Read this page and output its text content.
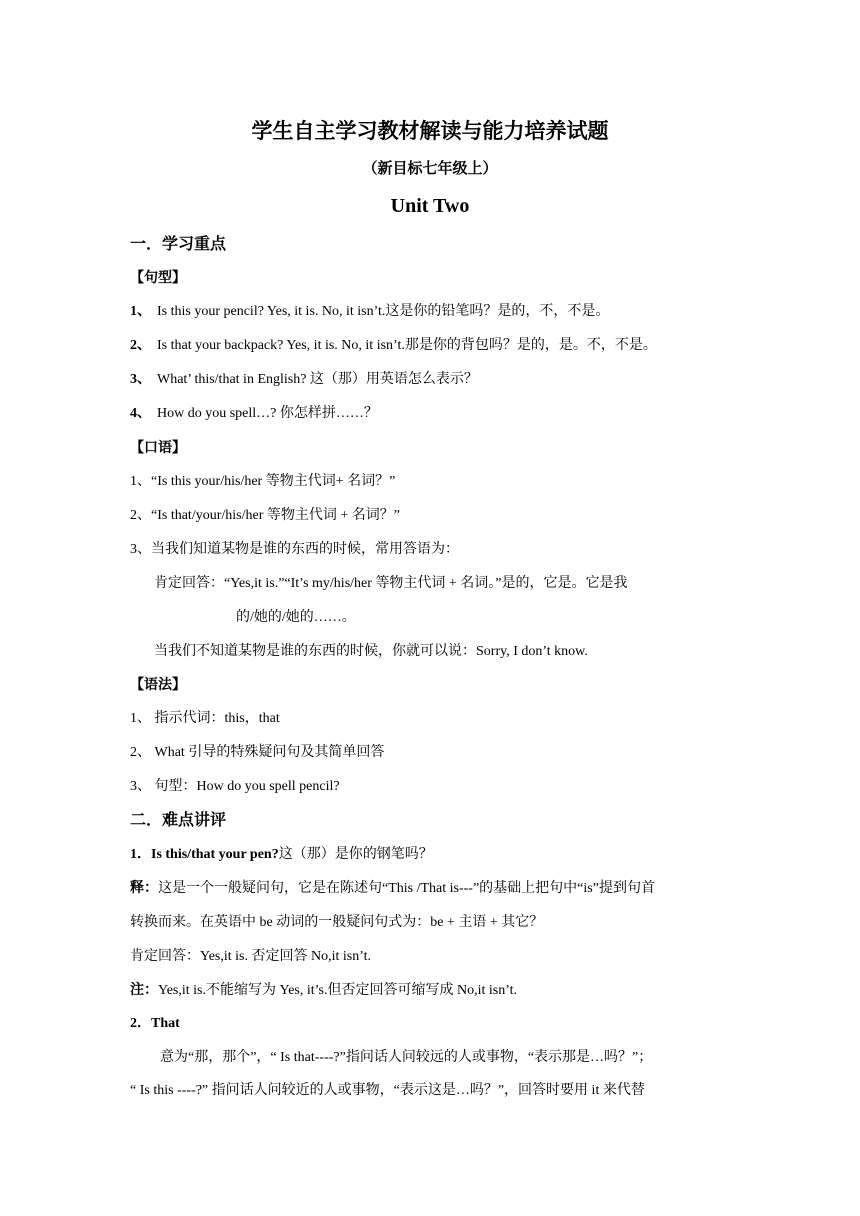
学生自主学习教材解读与能力培养试题
（新目标七年级上）
Unit Two
一．学习重点
【句型】
1、 Is this your pencil? Yes, it is. No, it isn’t.这是你的铅笔吗？是的，不，不是。
2、 Is that your backpack? Yes, it is. No, it isn’t.那是你的背包吗？是的，是。不，不是。
3、 What’ this/that in English? 这（那）用英语怎么表示？
4、 How do you spell…? 你怎样拼……？
【口语】
1、“Is this your/his/her 等物主代词+ 名词？”
2、“Is that/your/his/her 等物主代词 + 名词？”
3、当我们知道某物是谁的东西的时候，常用答语为：
肯定回答：“Yes,it is.”“It’s my/his/her 等物主代词 + 名词。”是的，它是。它是我
的/她的/她的……。
当我们不知道某物是谁的东西的时候，你就可以说：Sorry, I don’t know.
【语法】
1、 指示代词：this，that
2、 What 引导的特殊疑问句及其简单回答
3、 句型：How do you spell pencil?
二．难点讲评
1．Is this/that your pen?这（那）是你的钢笔吗？
释：这是一个一般疑问句，它是在陈述句“This /That is---”的基础上把句中“is”提到句首
转换而来。在英语中 be 动词的一般疑问句式为：be + 主语 + 其它？
肯定回答：Yes,it is. 否定回答 No,it isn’t.
注：Yes,it is.不能缩写为 Yes, it’s.但否定回答可缩写成 No,it isn’t.
2．That
意为“那，那个”，“ Is that----?”指问话人问较远的人或事物，“表示那是…吗？”；
“ Is this ----?” 指问话人问较近的人或事物，“表示这是…吗？”，回答时要用 it 来代替
